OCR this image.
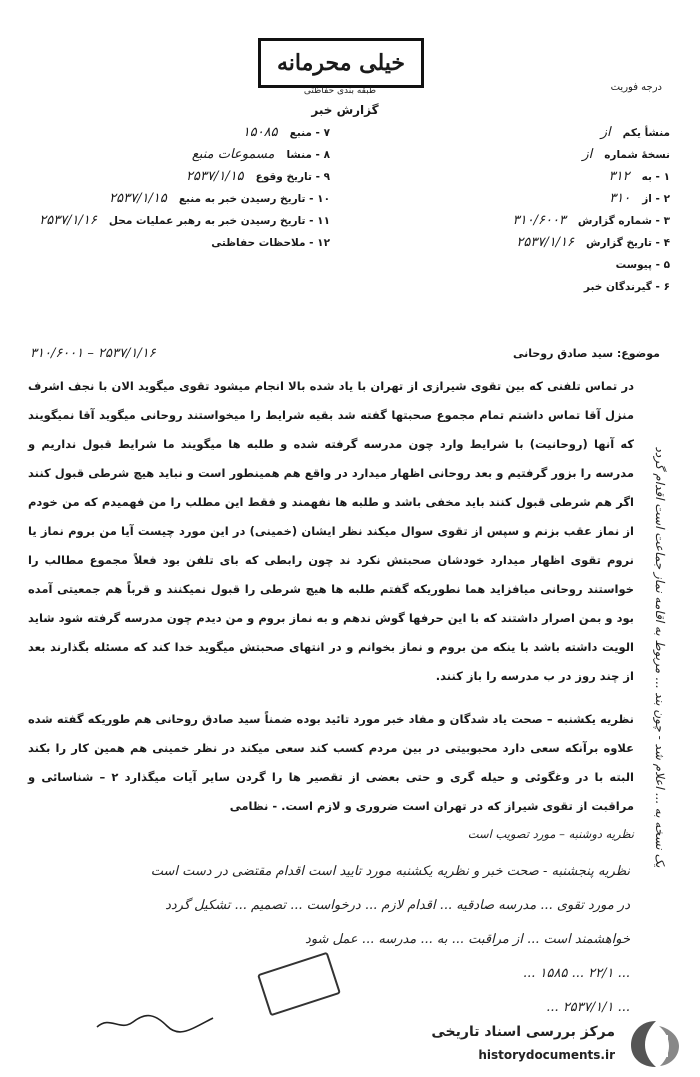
خیلی محرمانه
طبقه بندی حفاظتی
گزارش خبر
درجه فوریت
منشأ یکم
از
نسخهٔ شماره
از
۱ - به
۳۱۲
۲ - از
۳۱۰
۳ - شماره گزارش
۳۱۰/۶۰۰۳
۴ - تاریخ گزارش
۲۵۳۷/۱/۱۶
۵ - پیوست
۶ - گیرندگان خبر
۷ - منبع
۱۵۰۸۵
۸ - منشا
مسموعات منبع
۹ - تاریخ وقوع
۲۵۳۷/۱/۱۵
۱۰ - تاریخ رسیدن خبر به منبع
۲۵۳۷/۱/۱۵
۱۱ - تاریخ رسیدن خبر به رهبر عملیات محل
۲۵۳۷/۱/۱۶
۱۲ - ملاحظات حفاظتی
موضوع: سید صادق روحانی
۲۵۳۷/۱/۱۶ – ۳۱۰/۶۰۰۱

در تماس تلفنی که بین تقوی شیرازی از تهران با یاد شده بالا انجام میشود تقوی میگوید الان با نجف اشرف منزل آقا تماس داشتم تمام مجموع صحبتها گفته شد بقیه شرایط را میخواستند روحانی میگوید آقا نمیگویند که آنها (روحانیت) با شرایط وارد چون مدرسه گرفته شده و طلبه ها میگویند ما شرایط قبول نداریم و مدرسه را بزور گرفتیم و بعد روحانی اظهار میدارد در واقع هم همینطور است و نباید هیچ شرطی قبول کنند اگر هم شرطی قبول کنند باید مخفی باشد و طلبه ها نفهمند و فقط این مطلب را من فهمیدم که من خودم از نماز عقب بزنم و سپس از تقوی سوال میکند نظر ایشان (خمینی) در این مورد چیست آیا من بروم نماز یا نروم تقوی اظهار میدارد خودشان صحبتش نکرد ند چون رابطی که بای تلفن بود فعلاً مجموع مطالب را خواستند روحانی میافزاید هما نطوریکه گفتم طلبه ها هیچ شرطی را قبول نمیکنند و قرباً هم جمعیتی آمده بود و بمن اصرار داشتند که با این حرفها گوش ندهم و به نماز بروم و من دیدم چون مدرسه گرفته شود شاید الویت داشته باشد با ینکه من بروم و نماز بخوانم و در انتهای صحبتش میگوید خدا کند که مسئله بگذارند بعد از چند روز در ب مدرسه را باز کنند.

نظریه یکشنبه – صحت یاد شدگان و مفاد خبر مورد تائید بوده ضمناً سید صادق روحانی هم طوریکه گفته شده علاوه برآنکه سعی دارد محبوبیتی در بین مردم کسب کند سعی میکند در نظر خمینی هم همین کار را بکند البته با در وغگوئی و حیله گری و حتی بعضی از تقصیر ها را گردن سایر آیات میگذارد ۲ – شناسائی و مراقبت از تقوی شیراز که در تهران است ضروری و لازم است. - نظامی
نظریه دوشنبه – مورد تصویب است یک نسخه به ... اعلام شد - چون بند ... مربوط به اقامه نماز جماعت است اقدام گردد
نظریه پنجشنبه - صحت خبر و نظریه یکشنبه مورد تایید است اقدام مقتضی در دست است
در مورد تقوی ... مدرسه صادقیه ... اقدام لازم ... درخواست ... تصمیم ... تشکیل گردد
خواهشمند است ... از مراقبت ... به ... مدرسه ... عمل شود
... ۲۲/۱ ... ۱۵۸۵ ...
... ۲۵۳۷/۱/۱ ...
مرکز بررسی اسناد تاریخی
historydocuments.ir
